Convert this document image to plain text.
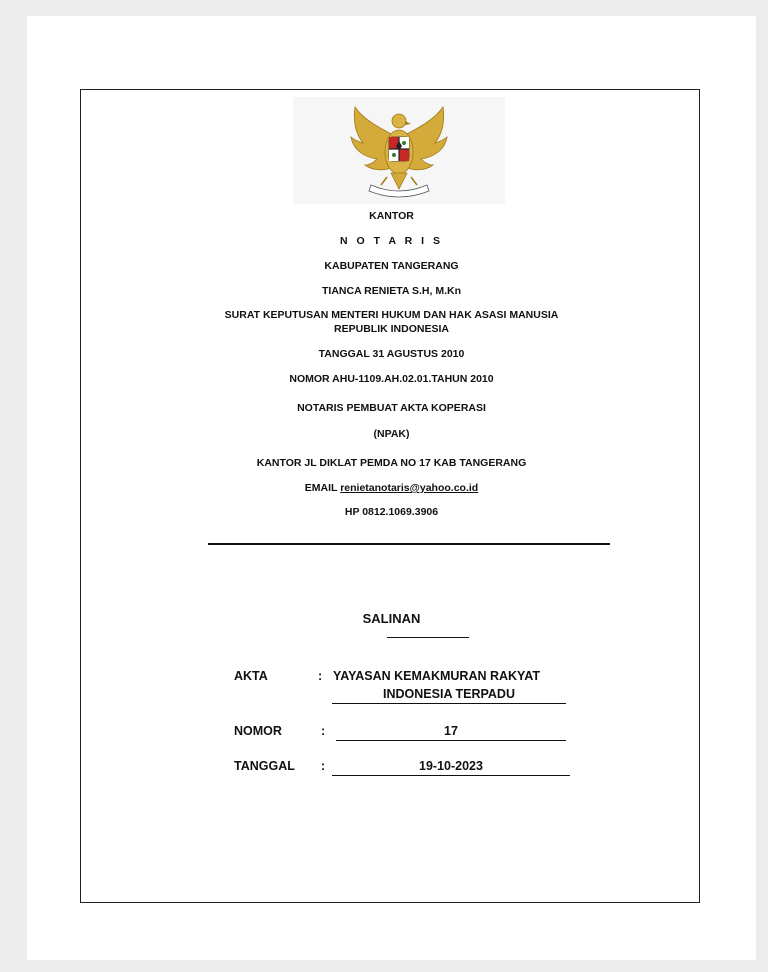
KANTOR
N O T A R I S
KABUPATEN TANGERANG
TIANCA RENIETA S.H, M.Kn
SURAT KEPUTUSAN MENTERI HUKUM DAN HAK ASASI MANUSIA
REPUBLIK INDONESIA
TANGGAL 31 AGUSTUS 2010
NOMOR AHU-1109.AH.02.01.TAHUN 2010
NOTARIS PEMBUAT AKTA KOPERASI
(NPAK)
KANTOR JL DIKLAT PEMDA NO 17 KAB TANGERANG
EMAIL renietanotaris@yahoo.co.id
HP 0812.1069.3906
SALINAN
AKTA	: YAYASAN KEMAKMURAN RAKYAT
INDONESIA TERPADU
NOMOR	:	17
TANGGAL :	19-10-2023
